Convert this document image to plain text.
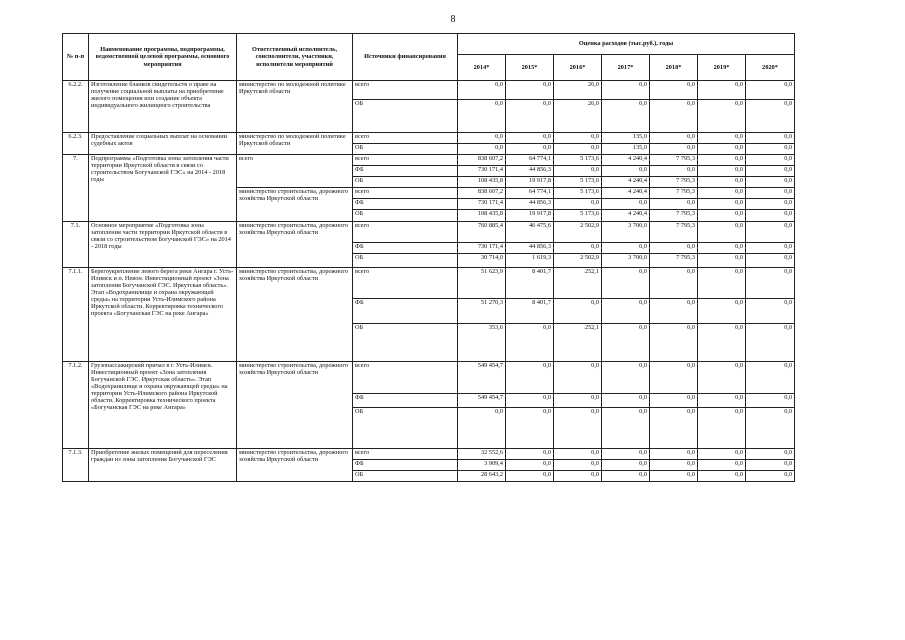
8
№ п-п	Наименование программы, подпрограммы, ведомственной целевой программы, основного мероприятия	Ответственный исполнитель, соисполнители, участники, исполнители мероприятий	Источники финансирования	Оценка расходов (тыс.руб.), годы						
				2014*	2015*	2016*	2017*	2018*	2019*	2020*
6.2.2.	Изготовление бланков свидетельств о праве на получение социальной выплаты на приобретение жилого помещения или создание объекта индивидуального жилищного строительства	министерство по молодежной политике Иркутской области	всего	0,0	0,0	26,0	0,0	0,0	0,0	0,0
			ОБ	0,0	0,0	26,0	0,0	0,0	0,0	0,0
6.2.3.	Предоставление социальных выплат на основании судебных актов	министерство по молодежной политике Иркутской области	всего	0,0	0,0	0,0	135,0	0,0	0,0	0,0
			ОБ	0,0	0,0	0,0	135,0	0,0	0,0	0,0
7.	Подпрограмма «Подготовка зоны затопления части территории Иркутской области в связи со строительством Богучанской ГЭС» на 2014 - 2018 годы	всего	всего	838 607,2	64 774,1	5 173,6	4 240,4	7 795,3	0,0	0,0
			ФБ	730 171,4	44 856,3	0,0	0,0	0,0	0,0	0,0
			ОБ	108 435,8	19 917,8	5 173,6	4 240,4	7 795,3	0,0	0,0
		министерство строительства, дорожного хозяйства Иркутской области	всего	838 607,2	64 774,1	5 173,6	4 240,4	7 795,3	0,0	0,0
			ФБ	730 171,4	44 856,3	0,0	0,0	0,0	0,0	0,0
			ОБ	108 435,8	19 917,8	5 173,6	4 240,4	7 795,3	0,0	0,0
7.1.	Основное мероприятие «Подготовка зоны затопления части территории Иркутской области в связи со строительством Богучанской ГЭС» на 2014 - 2018 годы	министерство строительства, дорожного хозяйства Иркутской области	всего	760 885,4	46 475,6	2 502,9	3 700,0	7 795,3	0,0	0,0
			ФБ	730 171,4	44 856,3	0,0	0,0	0,0	0,0	0,0
			ОБ	30 714,0	1 619,3	2 502,9	3 700,0	7 795,3	0,0	0,0
7.1.1.	Берегоукрепление левого берега реки Ангара г. Усть-Илимск и п. Невон. Инвестиционный проект «Зона затопления Богучанской ГЭС. Иркутская область». Этап «Водохранилище и охрана окружающей среды» на территории Усть-Илимского района Иркутской области. Корректировка технического проекта «Богучанская ГЭС на реке Ангара»	министерство строительства, дорожного хозяйства Иркутской области	всего	51 623,9	8 401,7	252,1	0,0	0,0	0,0	0,0
			ФБ	51 270,3	8 401,7	0,0	0,0	0,0	0,0	0,0
			ОБ	353,6	0,0	252,1	0,0	0,0	0,0	0,0
7.1.2.	Грузопассажирский причал в г. Усть-Илимск. Инвестиционный проект «Зона затопления Богучанской ГЭС. Иркутская область». Этап «Водохранилище и охрана окружающей среды» на территории Усть-Илимского района Иркутской области. Корректировка технического проекта «Богучанская ГЭС на реке Ангара»	министерство строительства, дорожного хозяйства Иркутской области	всего	549 454,7	0,0	0,0	0,0	0,0	0,0	0,0
			ФБ	549 454,7	0,0	0,0	0,0	0,0	0,0	0,0
			ОБ	0,0	0,0	0,0	0,0	0,0	0,0	0,0
7.1.3.	Приобретение жилых помещений для переселения граждан из зоны затопления Богучанской ГЭС	министерство строительства, дорожного хозяйства Иркутской области	всего	32 552,6	0,0	0,0	0,0	0,0	0,0	0,0
			ФБ	3 909,4	0,0	0,0	0,0	0,0	0,0	0,0
			ОБ	28 643,2	0,0	0,0	0,0	0,0	0,0	0,0
